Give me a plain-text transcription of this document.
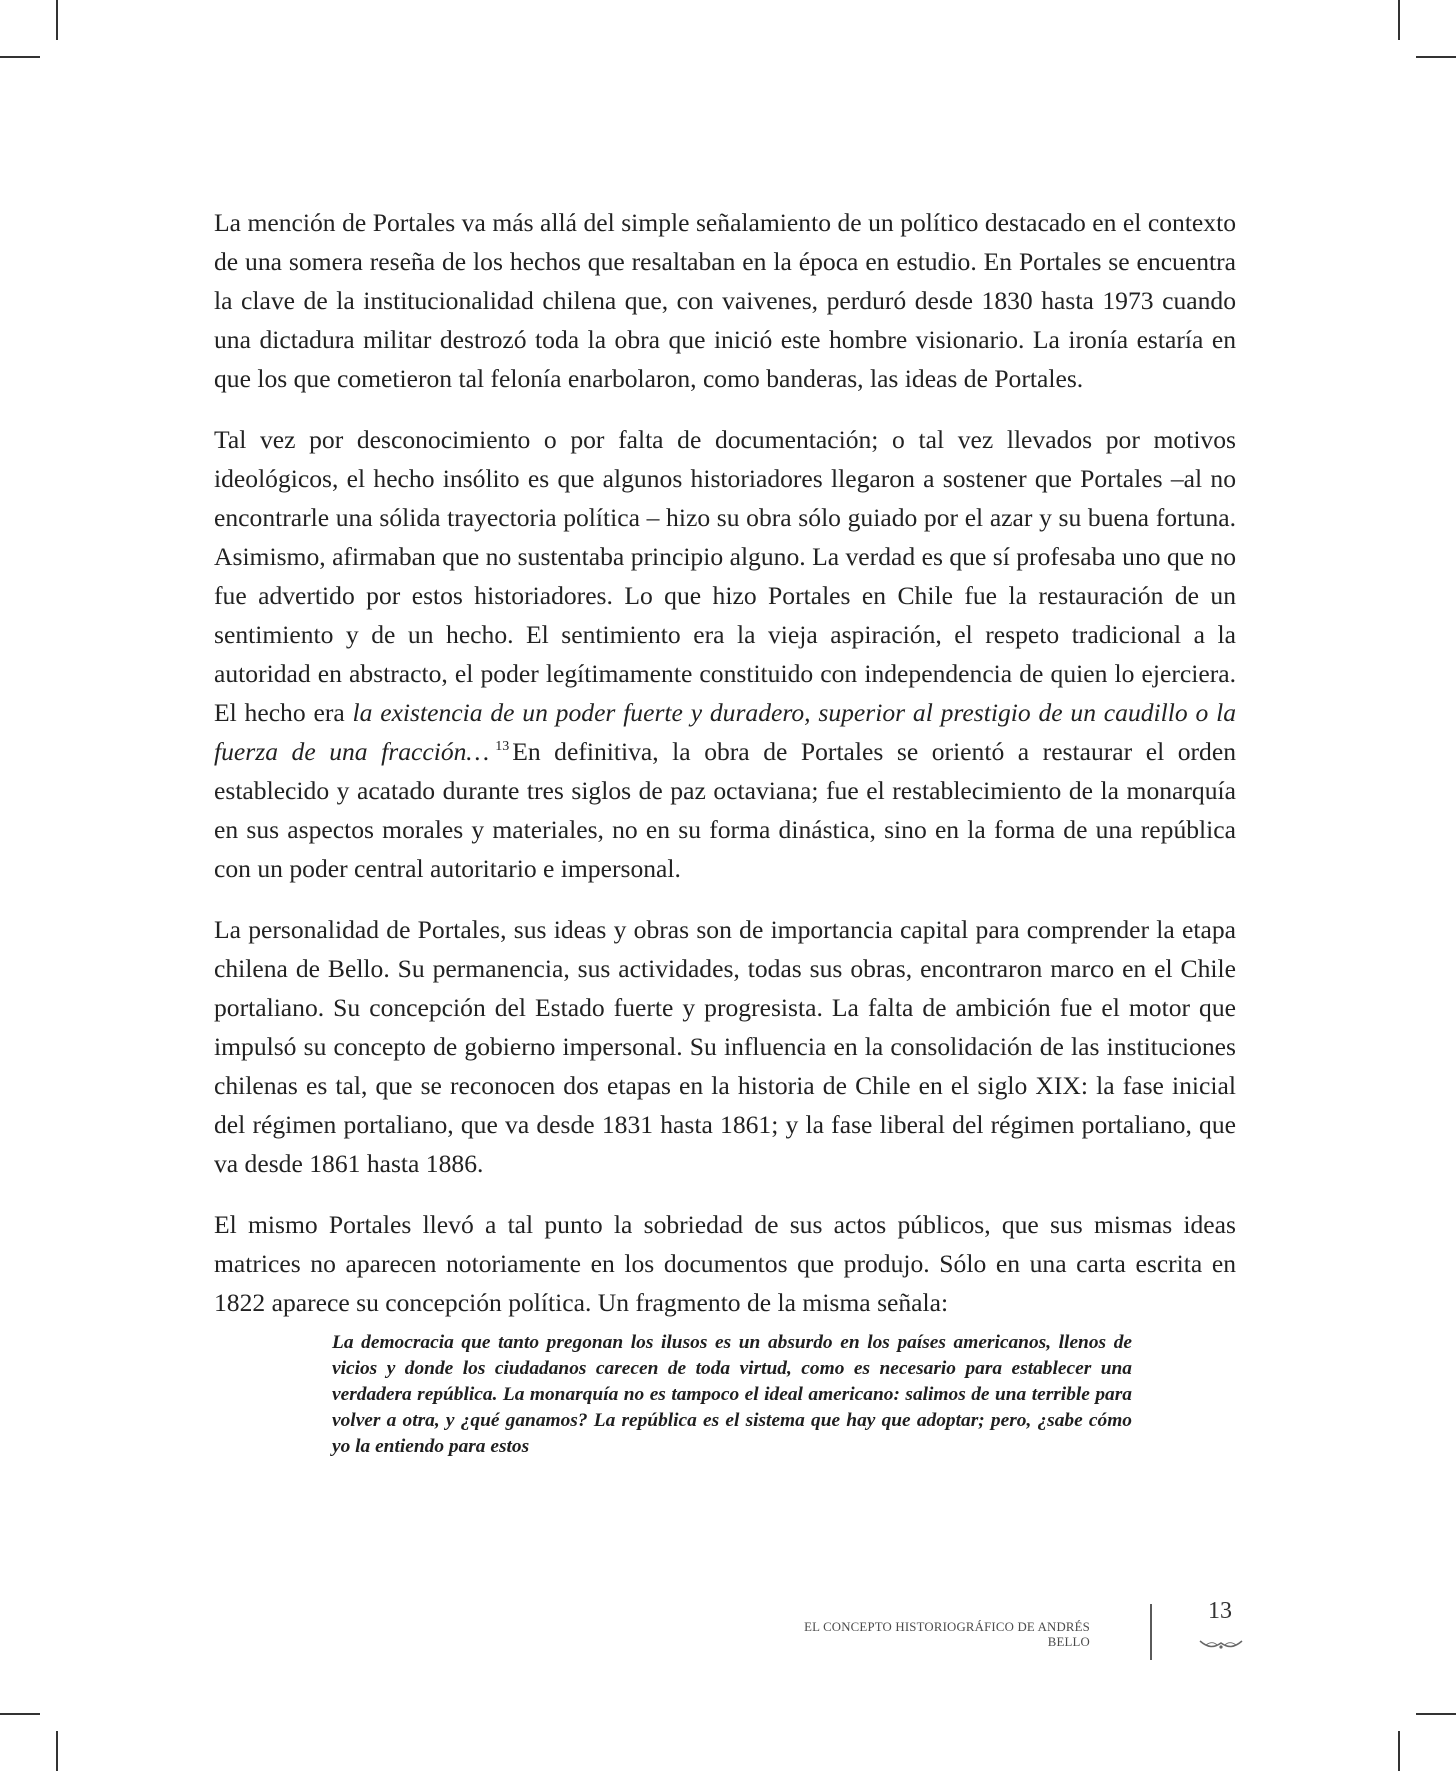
La mención de Portales va más allá del simple señalamiento de un político destacado en el contexto de una somera reseña de los hechos que resaltaban en la época en estudio. En Portales se encuentra la clave de la institucionalidad chilena que, con vaivenes, perduró desde 1830 hasta 1973 cuando una dictadura militar destrozó toda la obra que inició este hombre visionario. La ironía estaría en que los que cometieron tal felonía enarbolaron, como banderas, las ideas de Portales.

Tal vez por desconocimiento o por falta de documentación; o tal vez llevados por motivos ideológicos, el hecho insólito es que algunos historiadores llegaron a sostener que Portales –al no encontrarle una sólida trayectoria política – hizo su obra sólo guiado por el azar y su buena fortuna. Asimismo, afirmaban que no sustentaba principio alguno. La verdad es que sí profesaba uno que no fue advertido por estos historiadores. Lo que hizo Portales en Chile fue la restauración de un sentimiento y de un hecho. El sentimiento era la vieja aspiración, el respeto tradicional a la autoridad en abstracto, el poder legítimamente constituido con independencia de quien lo ejerciera. El hecho era la existencia de un poder fuerte y duradero, superior al prestigio de un caudillo o la fuerza de una fracción… $^{13}$ En definitiva, la obra de Portales se orientó a restaurar el orden establecido y acatado durante tres siglos de paz octaviana; fue el restablecimiento de la monarquía en sus aspectos morales y materiales, no en su forma dinástica, sino en la forma de una república con un poder central autoritario e impersonal.

La personalidad de Portales, sus ideas y obras son de importancia capital para comprender la etapa chilena de Bello. Su permanencia, sus actividades, todas sus obras, encontraron marco en el Chile portaliano. Su concepción del Estado fuerte y progresista. La falta de ambición fue el motor que impulsó su concepto de gobierno impersonal. Su influencia en la consolidación de las instituciones chilenas es tal, que se reconocen dos etapas en la historia de Chile en el siglo XIX: la fase inicial del régimen portaliano, que va desde 1831 hasta 1861; y la fase liberal del régimen portaliano, que va desde 1861 hasta 1886.

El mismo Portales llevó a tal punto la sobriedad de sus actos públicos, que sus mismas ideas matrices no aparecen notoriamente en los documentos que produjo. Sólo en una carta escrita en 1822 aparece su concepción política. Un fragmento de la misma señala:

La democracia que tanto pregonan los ilusos es un absurdo en los países americanos, llenos de vicios y donde los ciudadanos carecen de toda virtud, como es necesario para establecer una verdadera república. La monarquía no es tampoco el ideal americano: salimos de una terrible para volver a otra, y ¿qué ganamos? La república es el sistema que hay que adoptar; pero, ¿sabe cómo yo la entiendo para estos

EL CONCEPTO HISTORIOGRÁFICO DE ANDRÉS BELLO
13
